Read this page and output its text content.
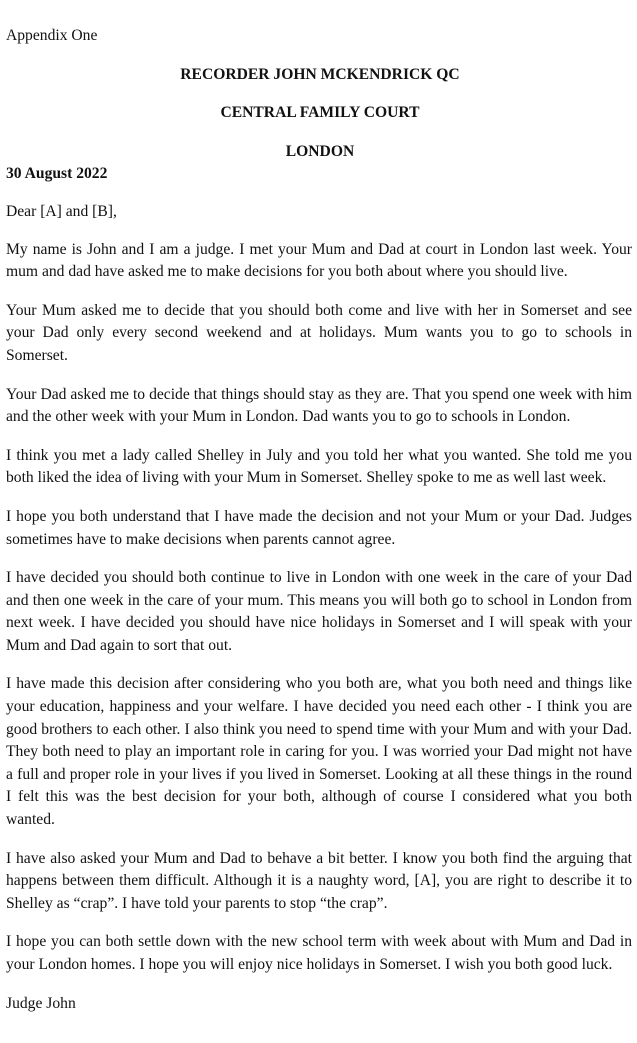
Appendix One

RECORDER JOHN MCKENDRICK QC

CENTRAL FAMILY COURT

LONDON

30 August 2022

Dear [A] and [B],

My name is John and I am a judge. I met your Mum and Dad at court in London last week. Your mum and dad have asked me to make decisions for you both about where you should live.

Your Mum asked me to decide that you should both come and live with her in Somerset and see your Dad only every second weekend and at holidays. Mum wants you to go to schools in Somerset.

Your Dad asked me to decide that things should stay as they are. That you spend one week with him and the other week with your Mum in London. Dad wants you to go to schools in London.

I think you met a lady called Shelley in July and you told her what you wanted. She told me you both liked the idea of living with your Mum in Somerset. Shelley spoke to me as well last week.

I hope you both understand that I have made the decision and not your Mum or your Dad. Judges sometimes have to make decisions when parents cannot agree.

I have decided you should both continue to live in London with one week in the care of your Dad and then one week in the care of your mum. This means you will both go to school in London from next week. I have decided you should have nice holidays in Somerset and I will speak with your Mum and Dad again to sort that out.

I have made this decision after considering who you both are, what you both need and things like your education, happiness and your welfare. I have decided you need each other - I think you are good brothers to each other. I also think you need to spend time with your Mum and with your Dad. They both need to play an important role in caring for you. I was worried your Dad might not have a full and proper role in your lives if you lived in Somerset. Looking at all these things in the round I felt this was the best decision for your both, although of course I considered what you both wanted.

I have also asked your Mum and Dad to behave a bit better. I know you both find the arguing that happens between them difficult. Although it is a naughty word, [A], you are right to describe it to Shelley as “crap”. I have told your parents to stop “the crap”.

I hope you can both settle down with the new school term with week about with Mum and Dad in your London homes. I hope you will enjoy nice holidays in Somerset. I wish you both good luck.

Judge John
